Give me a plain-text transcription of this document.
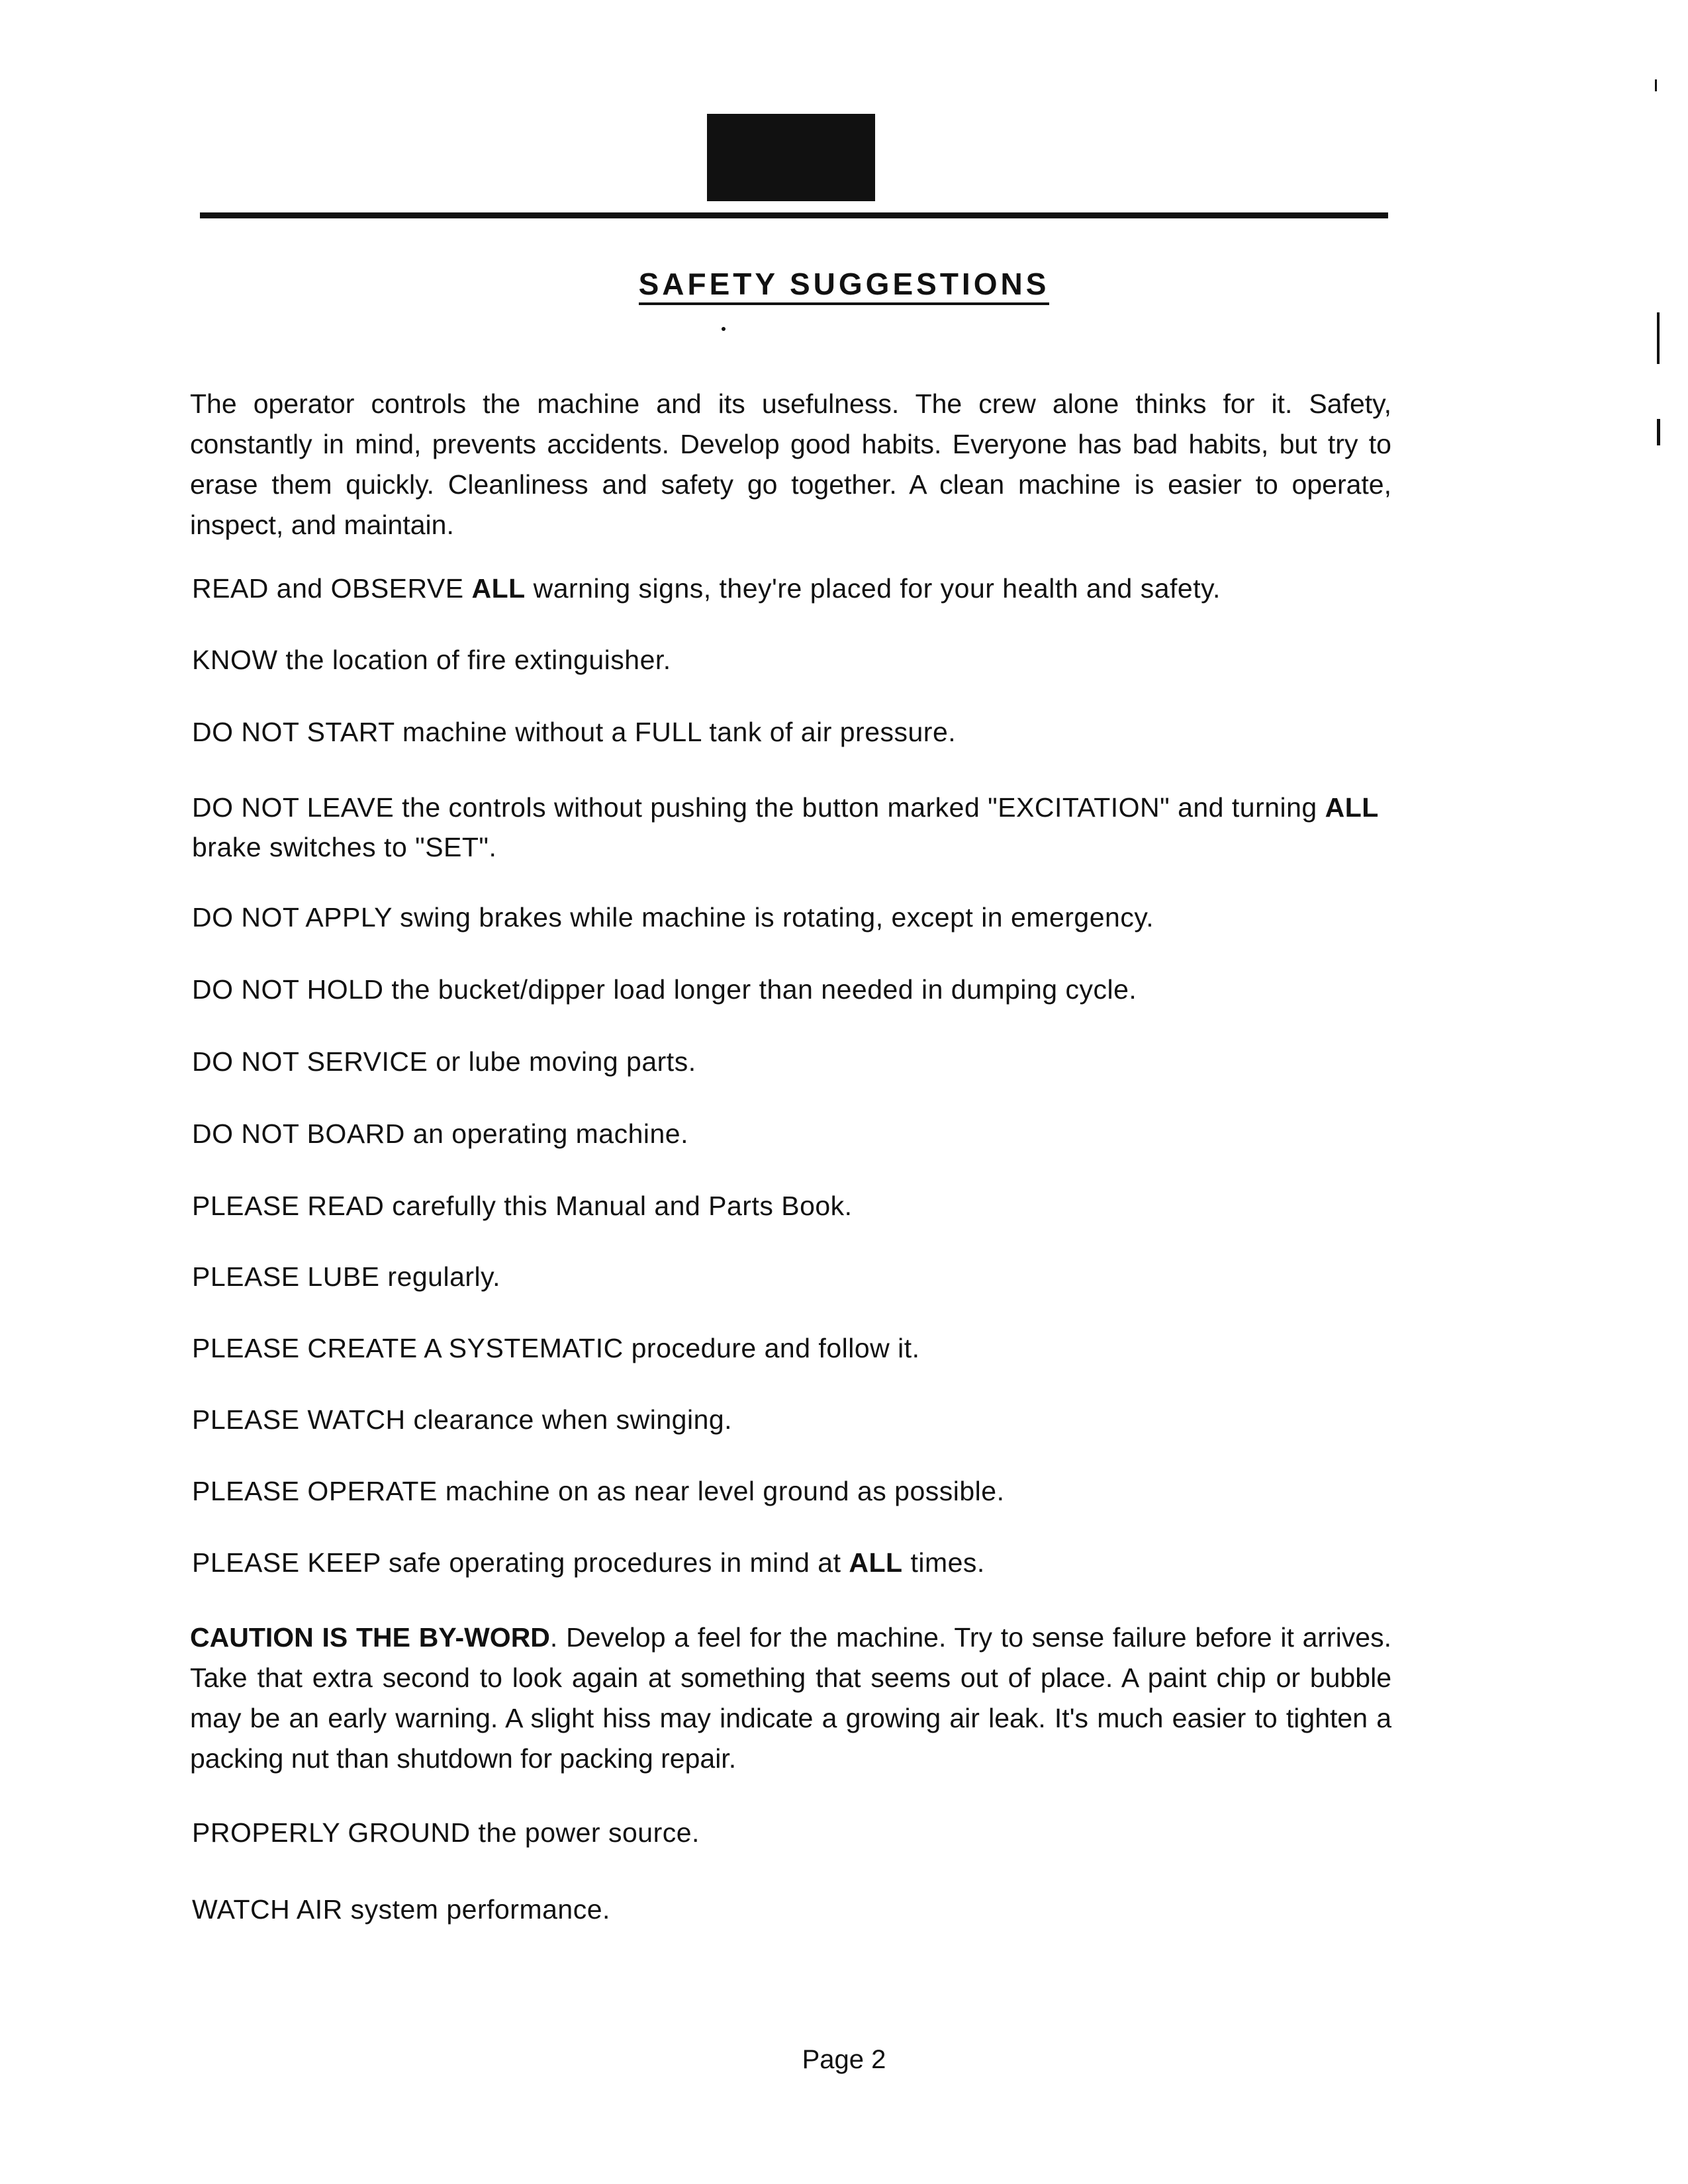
SAFETY SUGGESTIONS
The operator controls the machine and its usefulness. The crew alone thinks for it. Safety, constantly in mind, prevents accidents. Develop good habits. Everyone has bad habits, but try to erase them quickly. Cleanliness and safety go together. A clean machine is easier to operate, inspect, and maintain.
READ and OBSERVE ALL warning signs, they're placed for your health and safety.
KNOW the location of fire extinguisher.
DO NOT START machine without a FULL tank of air pressure.
DO NOT LEAVE the controls without pushing the button marked "EXCITATION" and turning ALL brake switches to "SET".
DO NOT APPLY swing brakes while machine is rotating, except in emergency.
DO NOT HOLD the bucket/dipper load longer than needed in dumping cycle.
DO NOT SERVICE or lube moving parts.
DO NOT BOARD an operating machine.
PLEASE READ carefully this Manual and Parts Book.
PLEASE LUBE regularly.
PLEASE CREATE A SYSTEMATIC procedure and follow it.
PLEASE WATCH clearance when swinging.
PLEASE OPERATE machine on as near level ground as possible.
PLEASE KEEP safe operating procedures in mind at ALL times.
CAUTION IS THE BY-WORD. Develop a feel for the machine. Try to sense failure before it arrives. Take that extra second to look again at something that seems out of place. A paint chip or bubble may be an early warning. A slight hiss may indicate a growing air leak. It's much easier to tighten a packing nut than shutdown for packing repair.
PROPERLY GROUND the power source.
WATCH AIR system performance.
Page 2
